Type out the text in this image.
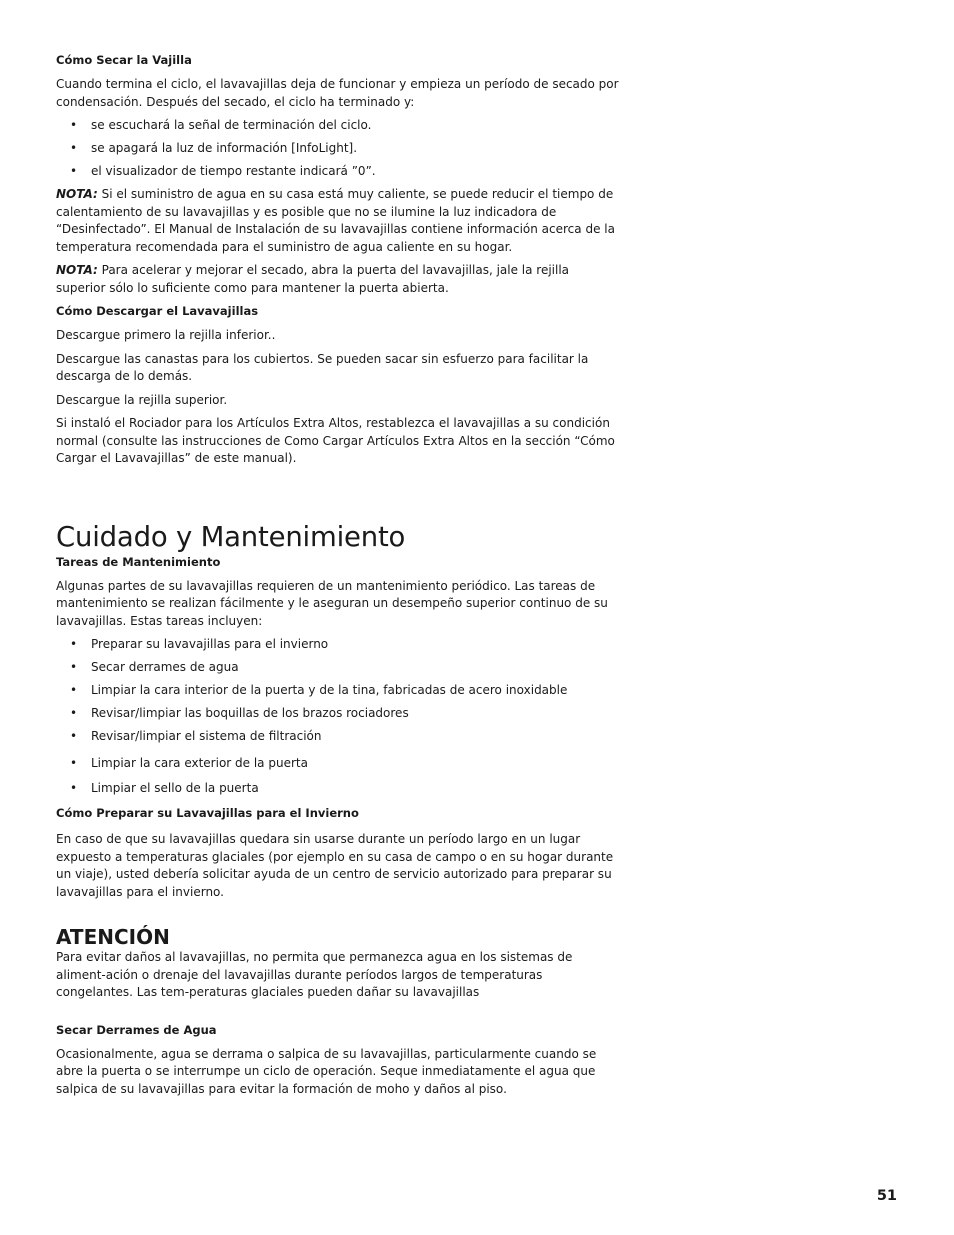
Cómo Secar la Vajilla

Cuando termina el ciclo, el lavavajillas deja de funcionar y empieza un período de secado por condensación. Después del secado, el ciclo ha terminado y:

• se escuchará la señal de terminación del ciclo.
• se apagará la luz de información [InfoLight].
• el visualizador de tiempo restante indicará ”0”.

NOTA: Si el suministro de agua en su casa está muy caliente, se puede reducir el tiempo de calentamiento de su lavavajillas y es posible que no se ilumine la luz indicadora de “Desinfectado”. El Manual de Instalación de su lavavajillas contiene información acerca de la temperatura recomendada para el suministro de agua caliente en su hogar.

NOTA: Para acelerar y mejorar el secado, abra la puerta del lavavajillas, jale la rejilla superior sólo lo suficiente como para mantener la puerta abierta.

Cómo Descargar el Lavavajillas

Descargue primero la rejilla inferior..

Descargue las canastas para los cubiertos. Se pueden sacar sin esfuerzo para facilitar la descarga de lo demás.

Descargue la rejilla superior.

Si instaló el Rociador para los Artículos Extra Altos, restablezca el lavavajillas a su condición normal (consulte las instrucciones de Como Cargar Artículos Extra Altos en la sección “Cómo Cargar el Lavavajillas” de este manual).

Cuidado y Mantenimiento
Tareas de Mantenimiento

Algunas partes de su lavavajillas requieren de un mantenimiento periódico. Las tareas de mantenimiento se realizan fácilmente y le aseguran un desempeño superior continuo de su lavavajillas. Estas tareas incluyen:

• Preparar su lavavajillas para el invierno
• Secar derrames de agua
• Limpiar la cara interior de la puerta y de la tina, fabricadas de acero inoxidable
• Revisar/limpiar las boquillas de los brazos rociadores
• Revisar/limpiar el sistema de filtración
• Limpiar la cara exterior de la puerta
• Limpiar el sello de la puerta
Cómo Preparar su Lavavajillas para el Invierno

En caso de que su lavavajillas quedara sin usarse durante un período largo en un lugar expuesto a temperaturas glaciales (por ejemplo en su casa de campo o en su hogar durante un viaje), usted debería solicitar ayuda de un centro de servicio autorizado para preparar su lavavajillas para el invierno.

ATENCIÓN

Para evitar daños al lavavajillas, no permita que permanezca agua en los sistemas de aliment-ación o drenaje del lavavajillas durante períodos largos de temperaturas congelantes. Las tem-peraturas glaciales pueden dañar su lavavajillas

Secar Derrames de Agua

Ocasionalmente, agua se derrama o salpica de su lavavajillas, particularmente cuando se abre la puerta o se interrumpe un ciclo de operación. Seque inmediatamente el agua que salpica de su lavavajillas para evitar la formación de moho y daños al piso.

51
